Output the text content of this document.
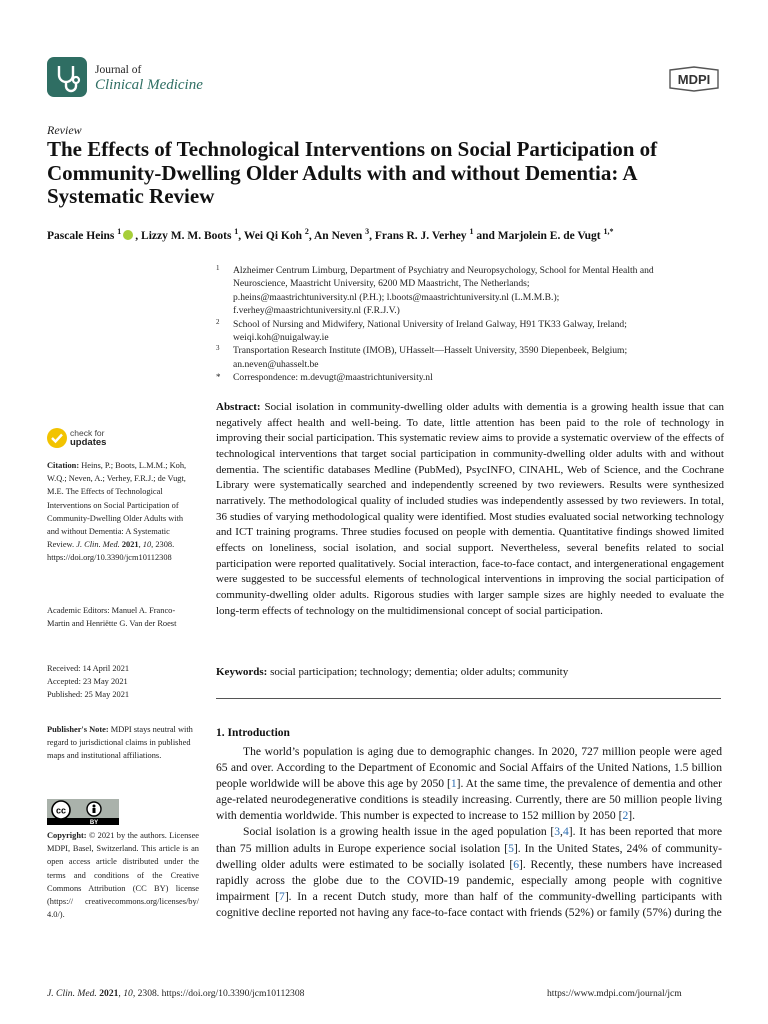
Journal of
Clinical Medicine	MDPI
Review
The Effects of Technological Interventions on Social Participation of Community-Dwelling Older Adults with and without Dementia: A Systematic Review
Pascale Heins $^1$ , Lizzy M. M. Boots $^1$, Wei Qi Koh $^2$, An Neven $^3$, Frans R. J. Verhey $^1$ and Marjolein E. de Vugt $^{1,*}$
1 Alzheimer Centrum Limburg, Department of Psychiatry and Neuropsychology, School for Mental Health and
Neuroscience, Maastricht University, 6200 MD Maastricht, The Netherlands;
p.heins@maastrichtuniversity.nl (P.H.); l.boots@maastrichtuniversity.nl (L.M.M.B.);
f.verhey@maastrichtuniversity.nl (F.R.J.V.)
2 School of Nursing and Midwifery, National University of Ireland Galway, H91 TK33 Galway, Ireland;
weiqi.koh@nuigalway.ie
3 Transportation Research Institute (IMOB), UHasselt—Hasselt University, 3590 Diepenbeek, Belgium;
an.neven@uhasselt.be
* Correspondence: m.devugt@maastrichtuniversity.nl
Abstract: Social isolation in community-dwelling older adults with dementia is a growing health issue that can negatively affect health and well-being. To date, little attention has been paid to the role of technology in improving their social participation. This systematic review aims to provide a systematic overview of the effects of technological interventions that target social participation in community-dwelling older adults with and without dementia. The scientific databases Medline (PubMed), PsycINFO, CINAHL, Web of Science, and the Cochrane Library were systematically searched and independently screened by two reviewers. Results were synthesized narratively. The methodological quality of included studies was independently assessed by two reviewers. In total, 36 studies of varying methodological quality were identified. Most studies evaluated social networking technology and ICT training programs. Three studies focused on people with dementia. Quantitative findings showed limited effects on loneliness, social isolation, and social support. Nevertheless, several benefits related to social participation were reported qualitatively. Social interaction, face-to-face contact, and intergenerational engagement were suggested to be successful elements of technological interventions in improving the social participation of community-dwelling older adults. Rigorous studies with larger sample sizes are highly needed to evaluate the long-term effects of technology on the multidimensional concept of social participation.
Keywords: social participation; technology; dementia; older adults; community
1. Introduction

The world’s population is aging due to demographic changes. In 2020, 727 million people were aged 65 and over. According to the Department of Economic and Social Affairs of the United Nations, 1.5 billion people worldwide will be above this age by 2050 [1]. At the same time, the prevalence of dementia and other age-related neurodegenerative conditions is steadily increasing. Currently, there are 50 million people living with dementia worldwide. This number is expected to increase to 152 million by 2050 [2].

Social isolation is a growing health issue in the aged population [3,4]. It has been reported that more than 75 million adults in Europe experience social isolation [5]. In the United States, 24% of community-dwelling older adults were estimated to be socially isolated [6]. Recently, these numbers have increased rapidly across the globe due to the COVID-19 pandemic, especially among people with cognitive impairment [7]. In a recent Dutch study, more than half of the community-dwelling participants with cognitive decline reported not having any face-to-face contact with friends (52%) or family (57%) during the

check for
updates
Citation: Heins, P.; Boots, L.M.M.; Koh, W.Q.; Neven, A.; Verhey, F.R.J.; de Vugt, M.E. The Effects of Technological Interventions on Social Participation of Community-Dwelling Older Adults with and without Dementia: A Systematic Review. J. Clin. Med. 2021, 10, 2308. https://doi.org/10.3390/jcm10112308
Academic Editors: Manuel A. Franco-Martin and Henriëtte G. Van der Roest
Received: 14 April 2021
Accepted: 23 May 2021
Published: 25 May 2021
Publisher's Note: MDPI stays neutral with regard to jurisdictional claims in published maps and institutional affiliations.
cc
BY
Copyright: © 2021 by the authors. Licensee MDPI, Basel, Switzerland. This article is an open access article distributed under the terms and conditions of the Creative Commons Attribution (CC BY) license (https:// creativecommons.org/licenses/by/ 4.0/).
J. Clin. Med. 2021, 10, 2308. https://doi.org/10.3390/jcm10112308	https://www.mdpi.com/journal/jcm
